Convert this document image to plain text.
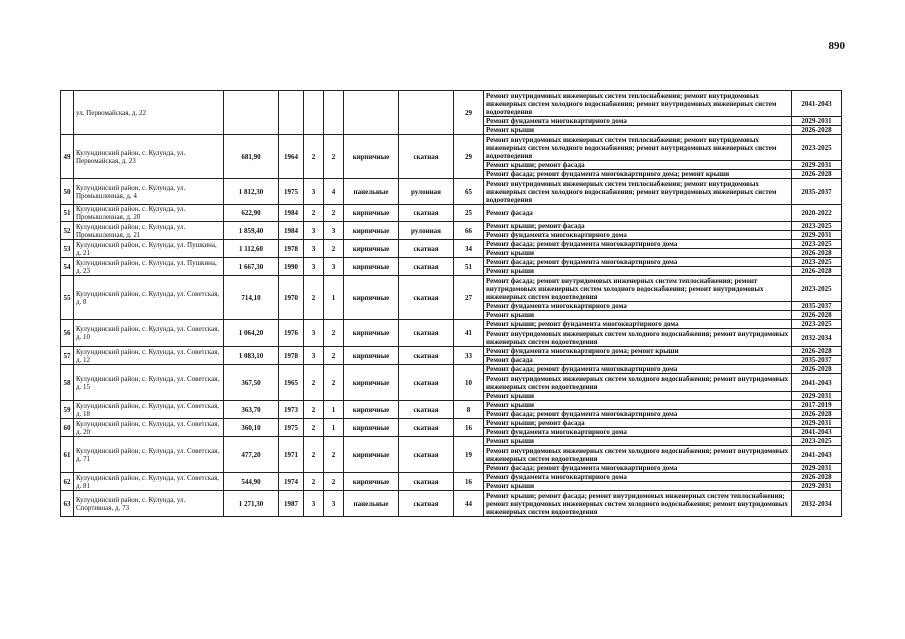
890
	ул. Первомайская, д. 22							29	Ремонт внутридомовых инженерных систем теплоснабжения; ремонт внутридомовых инженерных систем холодного водоснабжения; ремонт внутридомовых инженерных систем водоотведения	2041-2043
									Ремонт фундамента многоквартирного дома	2029-2031
									Ремонт крыши	2026-2028
49	Кулундинский район, с. Кулунда, ул. Первомайская, д. 23	681,90	1964	2	2	кирпичные	скатная	29	Ремонт внутридомовых инженерных систем теплоснабжения; ремонт внутридомовых инженерных систем холодного водоснабжения; ремонт внутридомовых инженерных систем водоотведения	2023-2025
									Ремонт крыши; ремонт фасада	2029-2031
									Ремонт фасада; ремонт фундамента многоквартирного дома; ремонт крыши	2026-2028
50	Кулундинский район, с. Кулунда, ул. Промышленная, д. 4	1 812,30	1975	3	4	панельные	рулонная	65	Ремонт внутридомовых инженерных систем теплоснабжения; ремонт внутридомовых инженерных систем холодного водоснабжения; ремонт внутридомовых инженерных систем водоотведения	2035-2037
51	Кулундинский район, с. Кулунда, ул. Промышленная, д. 20	622,90	1984	2	2	кирпичные	скатная	25	Ремонт фасада	2020-2022
52	Кулундинский район, с. Кулунда, ул. Промышленная, д. 21	1 859,40	1984	3	3	кирпичные	рулонная	66	Ремонт крыши; ремонт фасада	2023-2025
									Ремонт фундамента многоквартирного дома	2029-2031
53	Кулундинский район, с. Кулунда, ул. Пушкина, д. 21	1 112,60	1978	3	2	кирпичные	скатная	34	Ремонт фасада; ремонт фундамента многоквартирного дома	2023-2025
									Ремонт крыши	2026-2028
54	Кулундинский район, с. Кулунда, ул. Пушкина, д. 23	1 667,30	1990	3	3	кирпичные	скатная	51	Ремонт фасада; ремонт фундамента многоквартирного дома	2023-2025
									Ремонт крыши	2026-2028
55	Кулундинский район, с. Кулунда, ул. Советская, д. 8	714,10	1970	2	1	кирпичные	скатная	27	Ремонт фасада; ремонт внутридомовых инженерных систем теплоснабжения; ремонт внутридомовых инженерных систем холодного водоснабжения; ремонт внутридомовых инженерных систем водоотведения	2023-2025
									Ремонт фундамента многоквартирного дома	2035-2037
									Ремонт крыши	2026-2028
56	Кулундинский район, с. Кулунда, ул. Советская, д. 10	1 064,20	1976	3	2	кирпичные	скатная	41	Ремонт крыши; ремонт фундамента многоквартирного дома	2023-2025
									Ремонт внутридомовых инженерных систем холодного водоснабжения; ремонт внутридомовых инженерных систем водоотведения	2032-2034
57	Кулундинский район, с. Кулунда, ул. Советская, д. 12	1 083,10	1978	3	2	кирпичные	скатная	33	Ремонт фундамента многоквартирного дома; ремонт крыши	2026-2028
									Ремонт фасада	2035-2037
58	Кулундинский район, с. Кулунда, ул. Советская, д. 15	367,50	1965	2	2	кирпичные	скатная	10	Ремонт фасада; ремонт фундамента многоквартирного дома	2026-2028
									Ремонт внутридомовых инженерных систем холодного водоснабжения; ремонт внутридомовых инженерных систем водоотведения	2041-2043
									Ремонт крыши	2029-2031
59	Кулундинский район, с. Кулунда, ул. Советская, д. 18	363,70	1973	2	1	кирпичные	скатная	8	Ремонт крыши	2017-2019
									Ремонт фасада; ремонт фундамента многоквартирного дома	2026-2028
60	Кулундинский район, с. Кулунда, ул. Советская, д. 20	360,10	1975	2	1	кирпичные	скатная	16	Ремонт крыши; ремонт фасада	2029-2031
									Ремонт фундамента многоквартирного дома	2041-2043
61	Кулундинский район, с. Кулунда, ул. Советская, д. 71	477,20	1971	2	2	кирпичные	скатная	19	Ремонт крыши	2023-2025
									Ремонт внутридомовых инженерных систем холодного водоснабжения; ремонт внутридомовых инженерных систем водоотведения	2041-2043
									Ремонт фасада; ремонт фундамента многоквартирного дома	2029-2031
62	Кулундинский район, с. Кулунда, ул. Советская, д. 81	544,90	1974	2	2	кирпичные	скатная	16	Ремонт фундамента многоквартирного дома	2026-2028
									Ремонт крыши	2029-2031
63	Кулундинский район, с. Кулунда, ул. Спортивная, д. 73	1 271,30	1987	3	3	панельные	скатная	44	Ремонт крыши; ремонт фасада; ремонт внутридомовых инженерных систем теплоснабжения; ремонт внутридомовых инженерных систем холодного водоснабжения; ремонт внутридомовых инженерных систем водоотведения	2032-2034
